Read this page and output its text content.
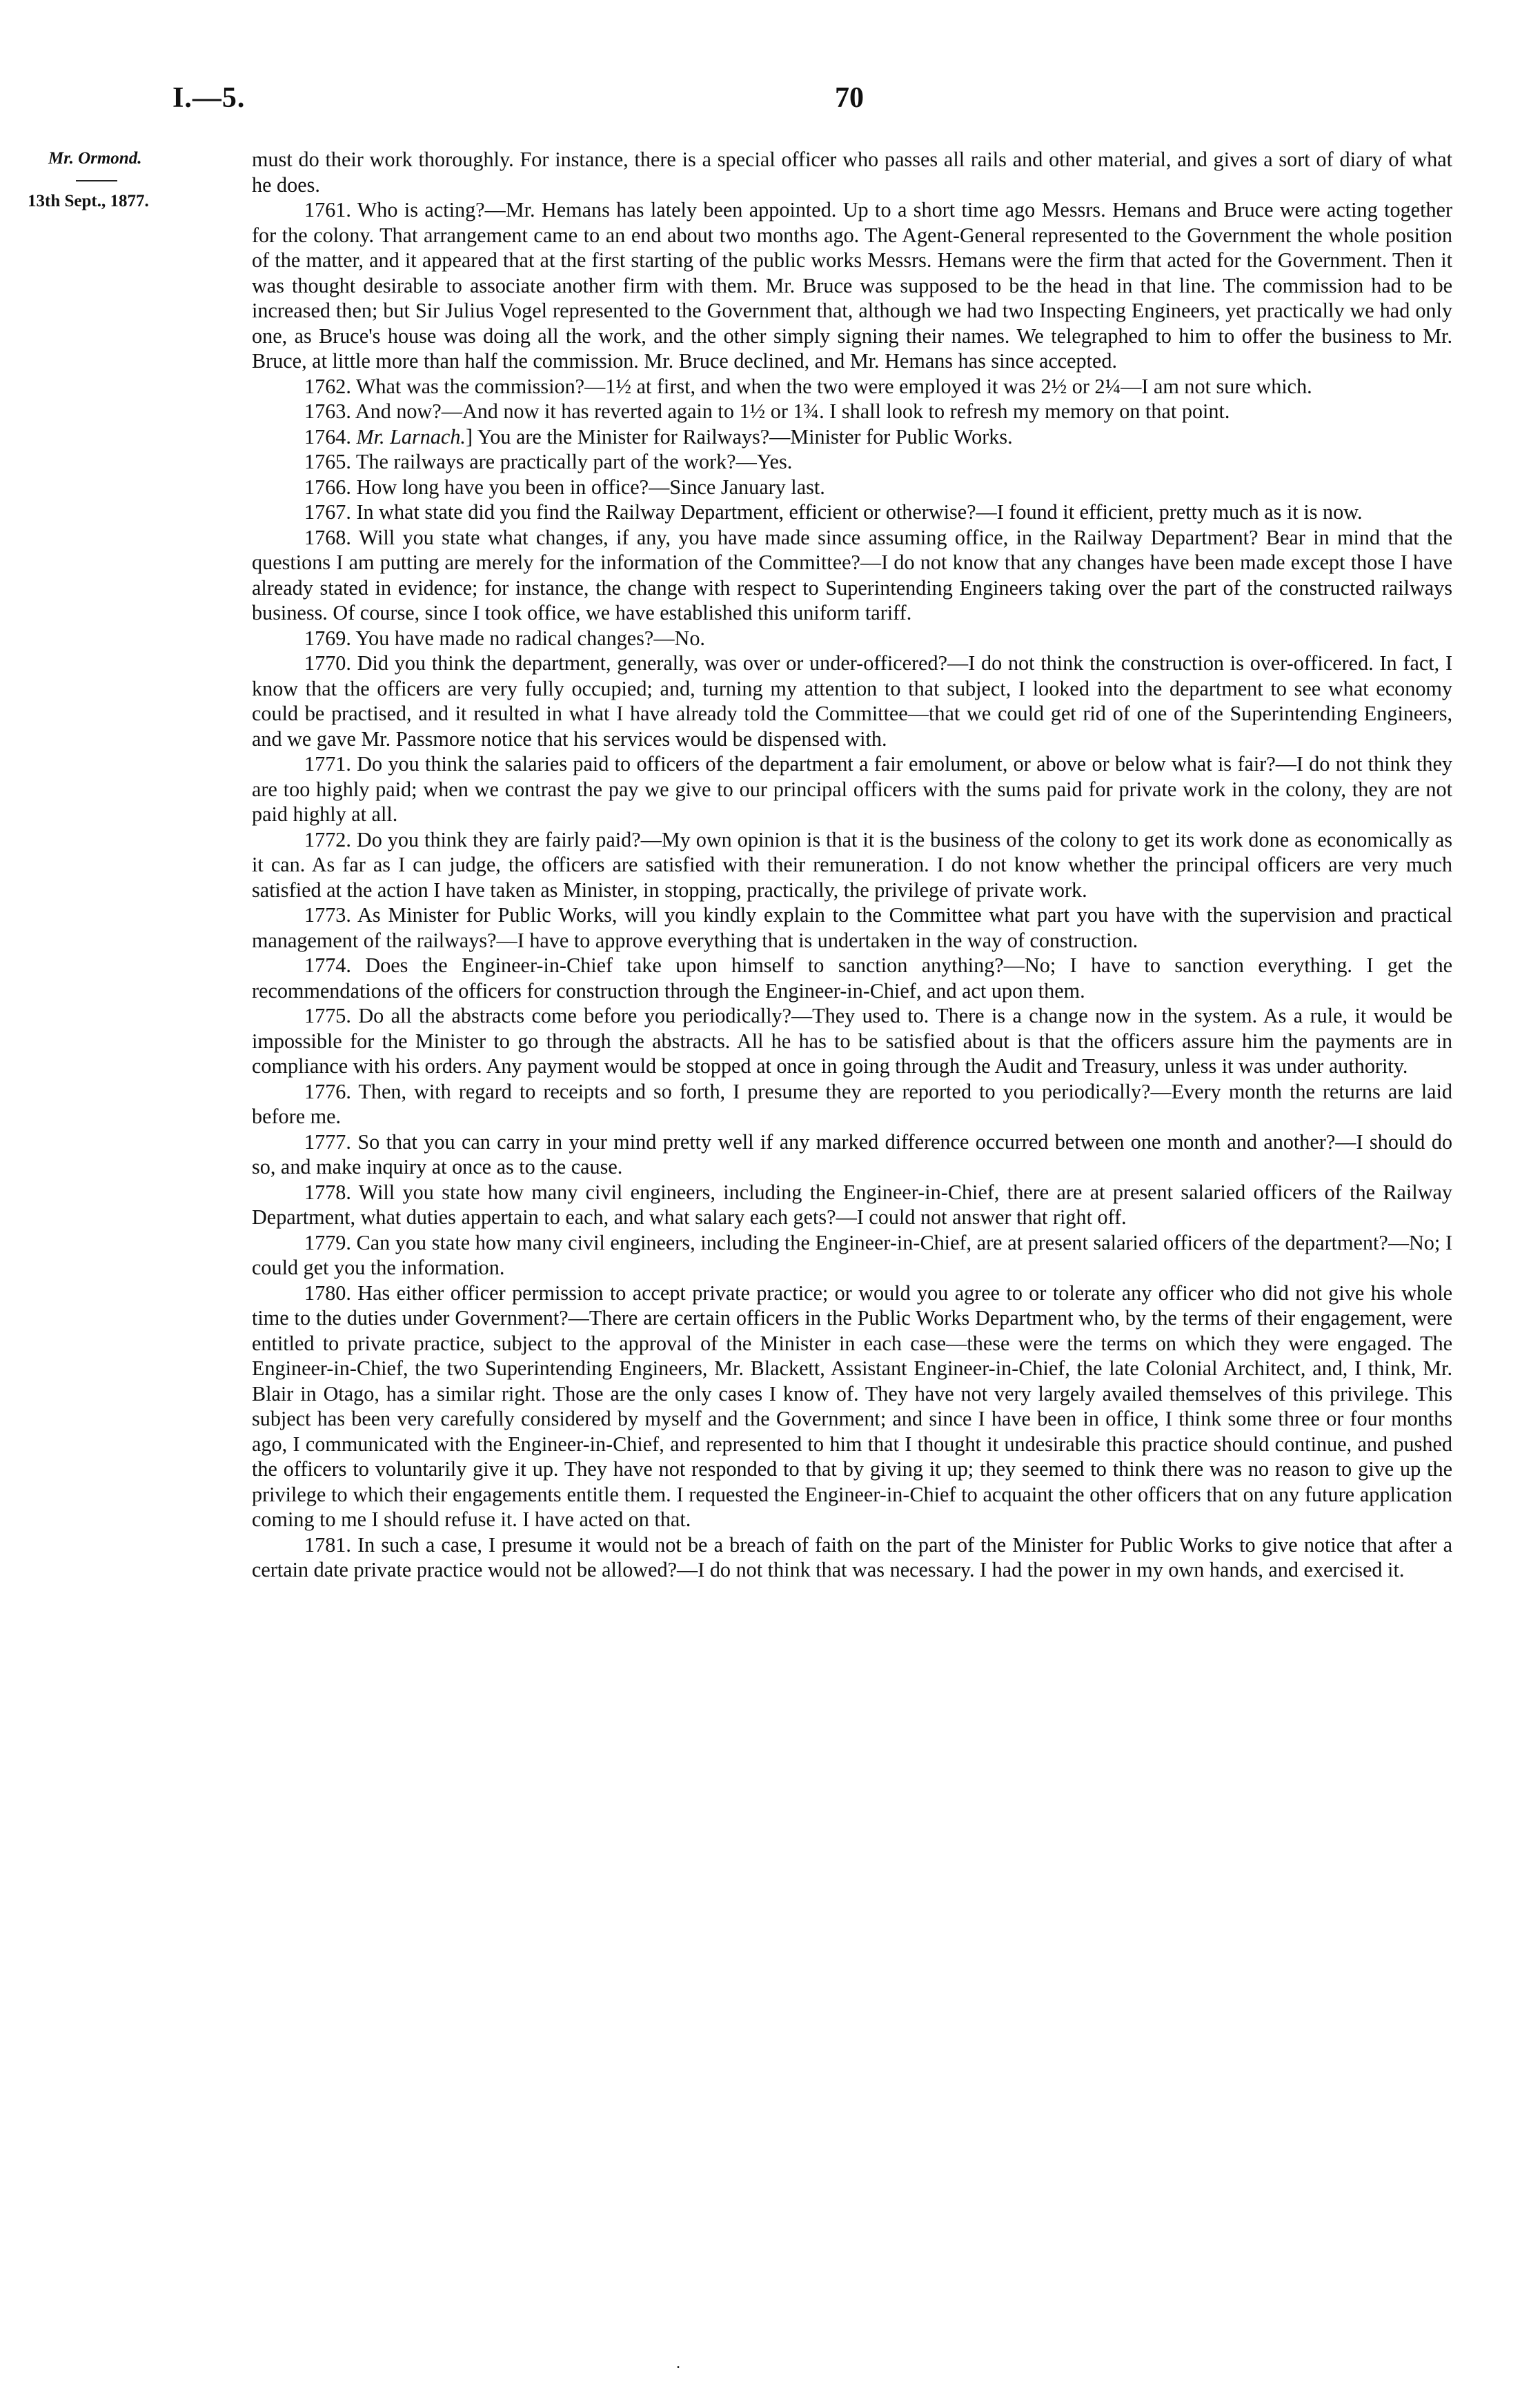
I.—5.	70
Mr. Ormond.
13th Sept., 1877.

must do their work thoroughly. For instance, there is a special officer who passes all rails and other material, and gives a sort of diary of what he does.

1761. Who is acting?—Mr. Hemans has lately been appointed. Up to a short time ago Messrs. Hemans and Bruce were acting together for the colony. That arrangement came to an end about two months ago. The Agent-General represented to the Government the whole position of the matter, and it appeared that at the first starting of the public works Messrs. Hemans were the firm that acted for the Government. Then it was thought desirable to associate another firm with them. Mr. Bruce was supposed to be the head in that line. The commission had to be increased then; but Sir Julius Vogel represented to the Government that, although we had two Inspecting Engineers, yet practically we had only one, as Bruce's house was doing all the work, and the other simply signing their names. We telegraphed to him to offer the business to Mr. Bruce, at little more than half the commission. Mr. Bruce declined, and Mr. Hemans has since accepted.

1762. What was the commission?—1½ at first, and when the two were employed it was 2½ or 2¼—I am not sure which.

1763. And now?—And now it has reverted again to 1½ or 1¾. I shall look to refresh my memory on that point.

1764. Mr. Larnach.] You are the Minister for Railways?—Minister for Public Works.

1765. The railways are practically part of the work?—Yes.

1766. How long have you been in office?—Since January last.

1767. In what state did you find the Railway Department, efficient or otherwise?—I found it efficient, pretty much as it is now.

1768. Will you state what changes, if any, you have made since assuming office, in the Railway Department? Bear in mind that the questions I am putting are merely for the information of the Committee?—I do not know that any changes have been made except those I have already stated in evidence; for instance, the change with respect to Superintending Engineers taking over the part of the constructed railways business. Of course, since I took office, we have established this uniform tariff.

1769. You have made no radical changes?—No.

1770. Did you think the department, generally, was over or under-officered?—I do not think the construction is over-officered. In fact, I know that the officers are very fully occupied; and, turning my attention to that subject, I looked into the department to see what economy could be practised, and it resulted in what I have already told the Committee—that we could get rid of one of the Superintending Engineers, and we gave Mr. Passmore notice that his services would be dispensed with.

1771. Do you think the salaries paid to officers of the department a fair emolument, or above or below what is fair?—I do not think they are too highly paid; when we contrast the pay we give to our principal officers with the sums paid for private work in the colony, they are not paid highly at all.

1772. Do you think they are fairly paid?—My own opinion is that it is the business of the colony to get its work done as economically as it can. As far as I can judge, the officers are satisfied with their remuneration. I do not know whether the principal officers are very much satisfied at the action I have taken as Minister, in stopping, practically, the privilege of private work.

1773. As Minister for Public Works, will you kindly explain to the Committee what part you have with the supervision and practical management of the railways?—I have to approve everything that is undertaken in the way of construction.

1774. Does the Engineer-in-Chief take upon himself to sanction anything?—No; I have to sanction everything. I get the recommendations of the officers for construction through the Engineer-in-Chief, and act upon them.

1775. Do all the abstracts come before you periodically?—They used to. There is a change now in the system. As a rule, it would be impossible for the Minister to go through the abstracts. All he has to be satisfied about is that the officers assure him the payments are in compliance with his orders. Any payment would be stopped at once in going through the Audit and Treasury, unless it was under authority.

1776. Then, with regard to receipts and so forth, I presume they are reported to you periodically?—Every month the returns are laid before me.

1777. So that you can carry in your mind pretty well if any marked difference occurred between one month and another?—I should do so, and make inquiry at once as to the cause.

1778. Will you state how many civil engineers, including the Engineer-in-Chief, there are at present salaried officers of the Railway Department, what duties appertain to each, and what salary each gets?—I could not answer that right off.

1779. Can you state how many civil engineers, including the Engineer-in-Chief, are at present salaried officers of the department?—No; I could get you the information.

1780. Has either officer permission to accept private practice; or would you agree to or tolerate any officer who did not give his whole time to the duties under Government?—There are certain officers in the Public Works Department who, by the terms of their engagement, were entitled to private practice, subject to the approval of the Minister in each case—these were the terms on which they were engaged. The Engineer-in-Chief, the two Superintending Engineers, Mr. Blackett, Assistant Engineer-in-Chief, the late Colonial Architect, and, I think, Mr. Blair in Otago, has a similar right. Those are the only cases I know of. They have not very largely availed themselves of this privilege. This subject has been very carefully considered by myself and the Government; and since I have been in office, I think some three or four months ago, I communicated with the Engineer-in-Chief, and represented to him that I thought it undesirable this practice should continue, and pushed the officers to voluntarily give it up. They have not responded to that by giving it up; they seemed to think there was no reason to give up the privilege to which their engagements entitle them. I requested the Engineer-in-Chief to acquaint the other officers that on any future application coming to me I should refuse it. I have acted on that.

1781. In such a case, I presume it would not be a breach of faith on the part of the Minister for Public Works to give notice that after a certain date private practice would not be allowed?—I do not think that was necessary. I had the power in my own hands, and exercised it.

.
